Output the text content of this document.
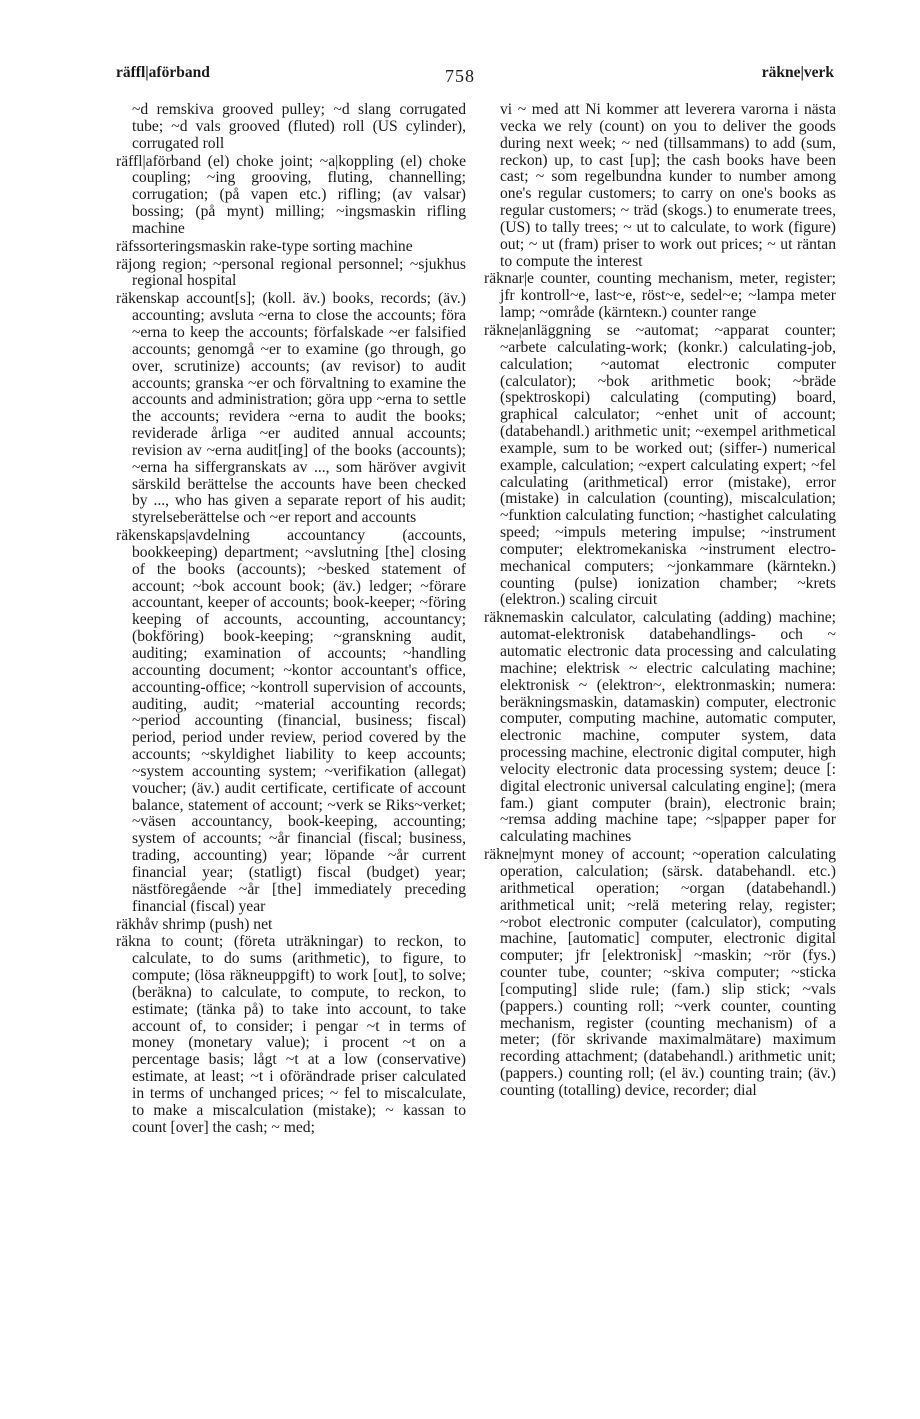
räffl|aförband	758	räkne|verk

~d remskiva grooved pulley; ~d slang corrugated tube; ~d vals grooved (fluted) roll (US cylinder), corrugated roll

räffl|aförband (el) choke joint; ~a|koppling (el) choke coupling; ~ing grooving, fluting, channelling; corrugation; (på vapen etc.) rifling; (av valsar) bossing; (på mynt) milling; ~ingsmaskin rifling machine

räfssorteringsmaskin rake-type sorting machine

räjong region; ~personal regional personnel; ~sjukhus regional hospital

räkenskap account[s]; (koll. äv.) books, records; (äv.) accounting; avsluta ~erna to close the accounts; föra ~erna to keep the accounts; förfalskade ~er falsified accounts; genomgå ~er to examine (go through, go over, scrutinize) accounts; (av revisor) to audit accounts; granska ~er och förvaltning to examine the accounts and administration; göra upp ~erna to settle the accounts; revidera ~erna to audit the books; reviderade årliga ~er audited annual accounts; revision av ~erna audit[ing] of the books (accounts); ~erna ha siffergranskats av ..., som häröver avgivit särskild berättelse the accounts have been checked by ..., who has given a separate report of his audit; styrelseberättelse och ~er report and accounts

räkenskaps|avdelning accountancy (accounts, bookkeeping) department; ~avslutning [the] closing of the books (accounts); ~besked statement of account; ~bok account book; (äv.) ledger; ~förare accountant, keeper of accounts; book-keeper; ~föring keeping of accounts, accounting, accountancy; (bokföring) book-keeping; ~granskning audit, auditing; examination of accounts; ~handling accounting document; ~kontor accountant's office, accounting-office; ~kontroll supervision of accounts, auditing, audit; ~material accounting records; ~period accounting (financial, business; fiscal) period, period under review, period covered by the accounts; ~skyldighet liability to keep accounts; ~system accounting system; ~verifikation (allegat) voucher; (äv.) audit certificate, certificate of account balance, statement of account; ~verk se Riks~verket; ~väsen accountancy, book-keeping, accounting; system of accounts; ~år financial (fiscal; business, trading, accounting) year; löpande ~år current financial year; (statligt) fiscal (budget) year; nästföregående ~år [the] immediately preceding financial (fiscal) year

räkhåv shrimp (push) net

räkna to count; (företa uträkningar) to reckon, to calculate, to do sums (arithmetic), to figure, to compute; (lösa räkneuppgift) to work [out], to solve; (beräkna) to calculate, to compute, to reckon, to estimate; (tänka på) to take into account, to take account of, to consider; i pengar ~t in terms of money (monetary value); i procent ~t on a percentage basis; lågt ~t at a low (conservative) estimate, at least; ~t i oförändrade priser calculated in terms of unchanged prices; ~ fel to miscalculate, to make a miscalculation (mistake); ~ kassan to count [over] the cash; ~ med;

vi ~ med att Ni kommer att leverera varorna i nästa vecka we rely (count) on you to deliver the goods during next week; ~ ned (tillsammans) to add (sum, reckon) up, to cast [up]; the cash books have been cast; ~ som regelbundna kunder to number among one's regular customers; to carry on one's books as regular customers; ~ träd (skogs.) to enumerate trees, (US) to tally trees; ~ ut to calculate, to work (figure) out; ~ ut (fram) priser to work out prices; ~ ut räntan to compute the interest

räknar|e counter, counting mechanism, meter, register; jfr kontroll~e, last~e, röst~e, sedel~e; ~lampa meter lamp; ~område (kärnteкn.) counter range

räkne|anläggning se ~automat; ~apparat counter; ~arbete calculating-work; (konkr.) calculating-job, calculation; ~automat electronic computer (calculator); ~bok arithmetic book; ~bräde (spektroskopi) calculating (computing) board, graphical calculator; ~enhet unit of account; (databehandl.) arithmetic unit; ~exempel arithmetical example, sum to be worked out; (siffer-) numerical example, calculation; ~expert calculating expert; ~fel calculating (arithmetical) error (mistake), error (mistake) in calculation (counting), miscalculation; ~funktion calculating function; ~hastighet calculating speed; ~impuls metering impulse; ~instrument computer; elektromekaniska ~instrument electro-mechanical computers; ~jonkammare (kärntekn.) counting (pulse) ionization chamber; ~krets (elektron.) scaling circuit

räknemaskin calculator, calculating (adding) machine; automat-elektronisk databehandlings- och ~ automatic electronic data processing and calculating machine; elektrisk ~ electric calculating machine; elektronisk ~ (elektron~, elektronmaskin; numera: beräkningsmaskin, datamaskin) computer, electronic computer, computing machine, automatic computer, electronic machine, computer system, data processing machine, electronic digital computer, high velocity electronic data processing system; deuce [: digital electronic universal calculating engine]; (mera fam.) giant computer (brain), electronic brain; ~remsa adding machine tape; ~s|papper paper for calculating machines

räkne|mynt money of account; ~operation calculating operation, calculation; (särsk. databehandl. etc.) arithmetical operation; ~organ (databehandl.) arithmetical unit; ~relä metering relay, register; ~robot electronic computer (calculator), computing machine, [automatic] computer, electronic digital computer; jfr [elektronisk] ~maskin; ~rör (fys.) counter tube, counter; ~skiva computer; ~sticka [computing] slide rule; (fam.) slip stick; ~vals (pappers.) counting roll; ~verk counter, counting mechanism, register (counting mechanism) of a meter; (för skrivande maximalmätare) maximum recording attachment; (databehandl.) arithmetic unit; (pappers.) counting roll; (el äv.) counting train; (äv.) counting (totalling) device, recorder; dial
